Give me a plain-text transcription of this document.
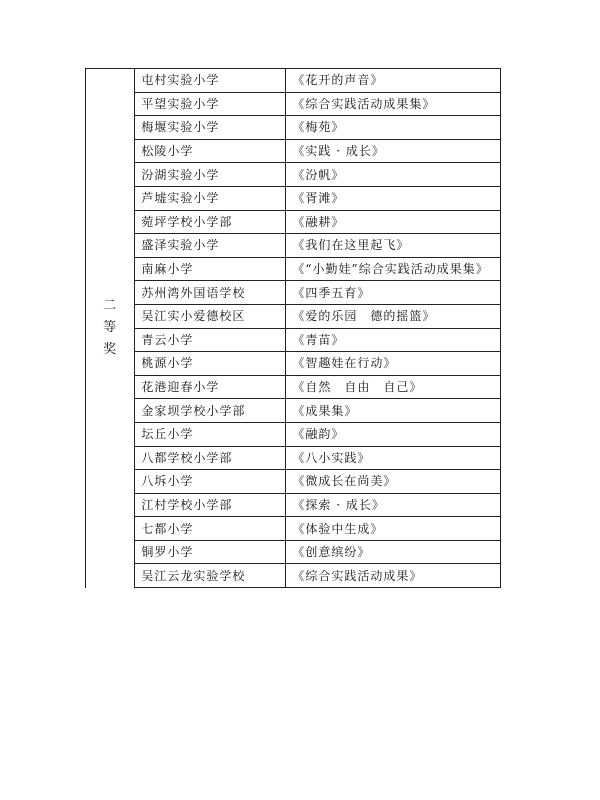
二
等
奖	屯村实验小学	《花开的声音》
	平望实验小学	《综合实践活动成果集》
	梅堰实验小学	《梅苑》
	松陵小学	《实践 · 成长》
	汾湖实验小学	《汾帆》
	芦墟实验小学	《胥滩》
	菀坪学校小学部	《融耕》
	盛泽实验小学	《我们在这里起飞》
	南麻小学	《“小勤娃”综合实践活动成果集》
	苏州湾外国语学校	《四季五育》
	吴江实小爱德校区	《爱的乐园　德的摇篮》
	青云小学	《青苗》
	桃源小学	《智趣娃在行动》
	花港迎春小学	《自然　自由　自己》
	金家坝学校小学部	《成果集》
	坛丘小学	《融韵》
	八都学校小学部	《八小实践》
	八坼小学	《微成长在尚美》
	江村学校小学部	《探索 · 成长》
	七都小学	《体验中生成》
	铜罗小学	《创意缤纷》
	吴江云龙实验学校	《综合实践活动成果》
